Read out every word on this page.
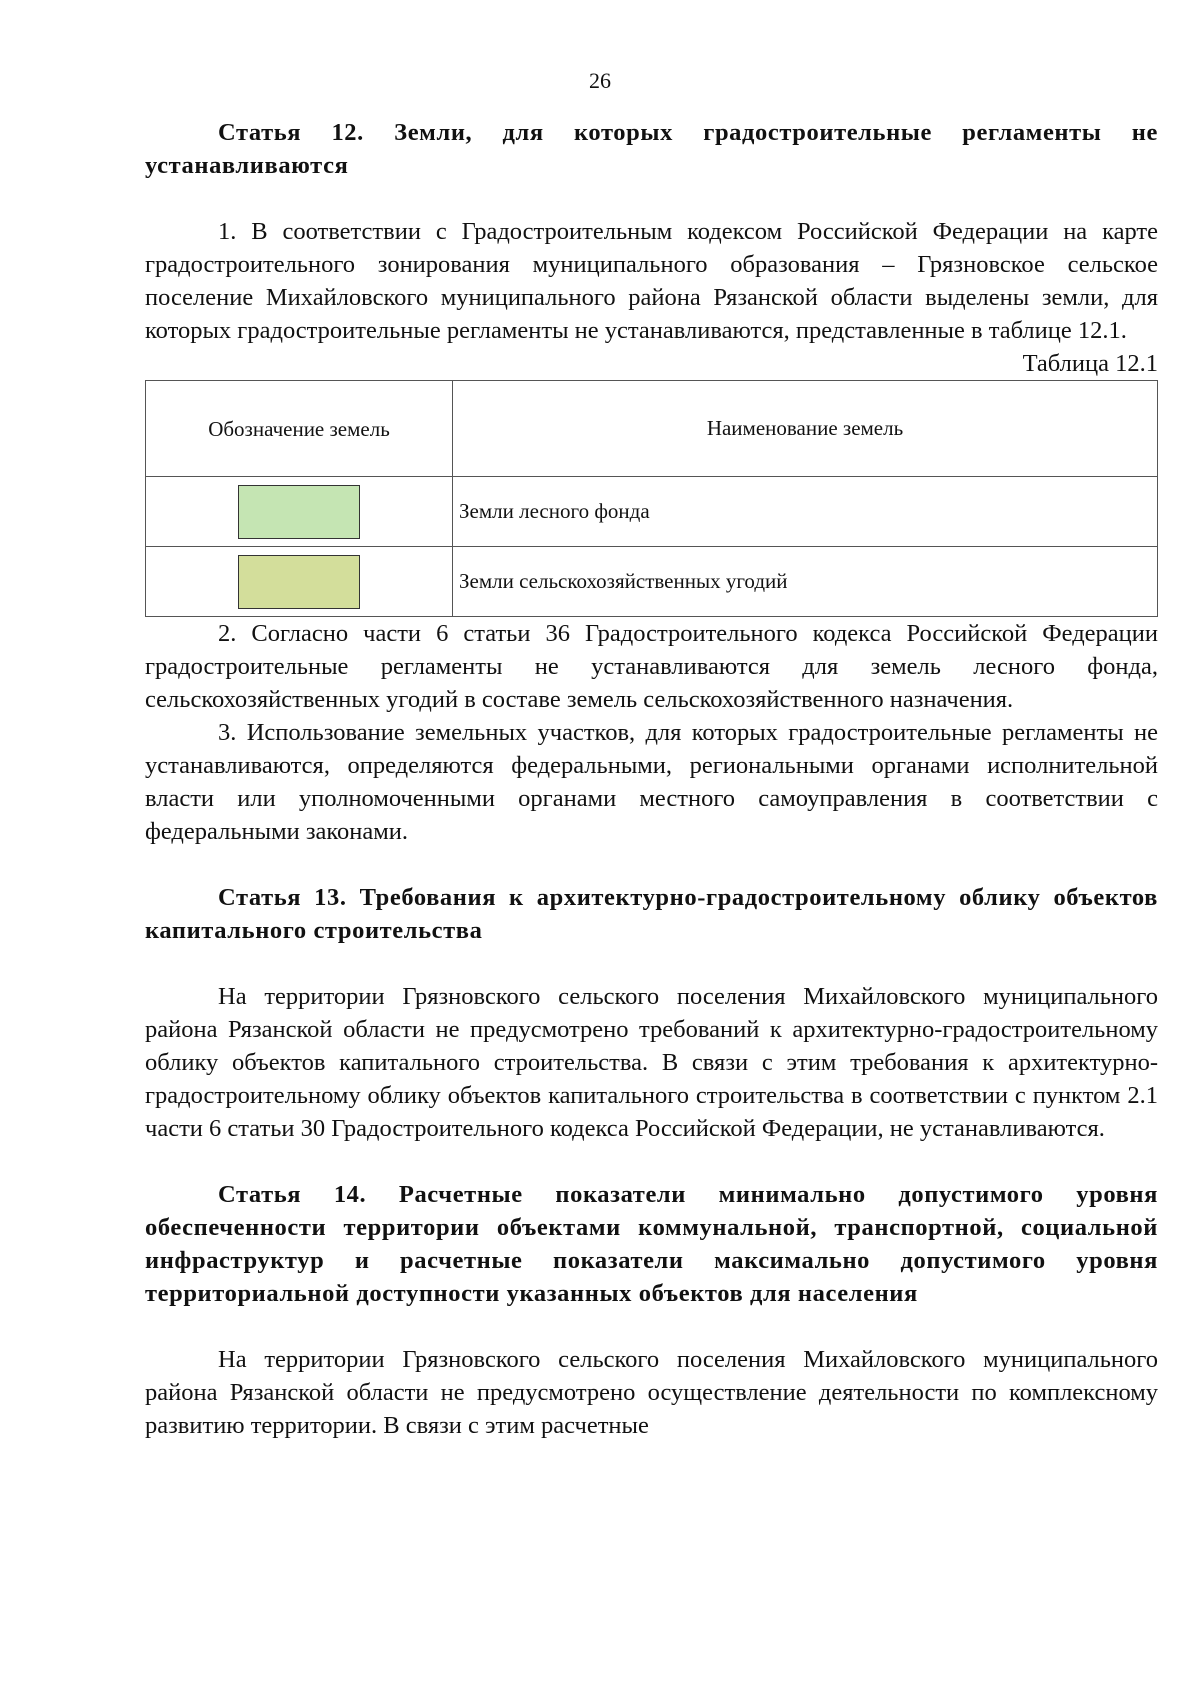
26

Статья 12. Земли, для которых градостроительные регламенты не устанавливаются

1. В соответствии с Градостроительным кодексом Российской Федерации на карте градостроительного зонирования муниципального образования – Грязновское сельское поселение Михайловского муниципального района Рязанской области выделены земли, для которых градостроительные регламенты не устанавливаются, представленные в таблице 12.1.

Таблица 12.1

Обозначение земель	Наименование земель
	Земли лесного фонда
	Земли сельскохозяйственных угодий

2. Согласно части 6 статьи 36 Градостроительного кодекса Российской Федерации градостроительные регламенты не устанавливаются для земель лесного фонда, сельскохозяйственных угодий в составе земель сельскохозяйственного назначения.

3. Использование земельных участков, для которых градостроительные регламенты не устанавливаются, определяются федеральными, региональными органами исполнительной власти или уполномоченными органами местного самоуправления в соответствии с федеральными законами.

Статья 13. Требования к архитектурно-градостроительному облику объектов капитального строительства

На территории Грязновского сельского поселения Михайловского муниципального района Рязанской области не предусмотрено требований к архитектурно-градостроительному облику объектов капитального строительства. В связи с этим требования к архитектурно-градостроительному облику объектов капитального строительства в соответствии с пунктом 2.1 части 6 статьи 30 Градостроительного кодекса Российской Федерации, не устанавливаются.

Статья 14. Расчетные показатели минимально допустимого уровня обеспеченности территории объектами коммунальной, транспортной, социальной инфраструктур и расчетные показатели максимально допустимого уровня территориальной доступности указанных объектов для населения

На территории Грязновского сельского поселения Михайловского муниципального района Рязанской области не предусмотрено осуществление деятельности по комплексному развитию территории. В связи с этим расчетные
